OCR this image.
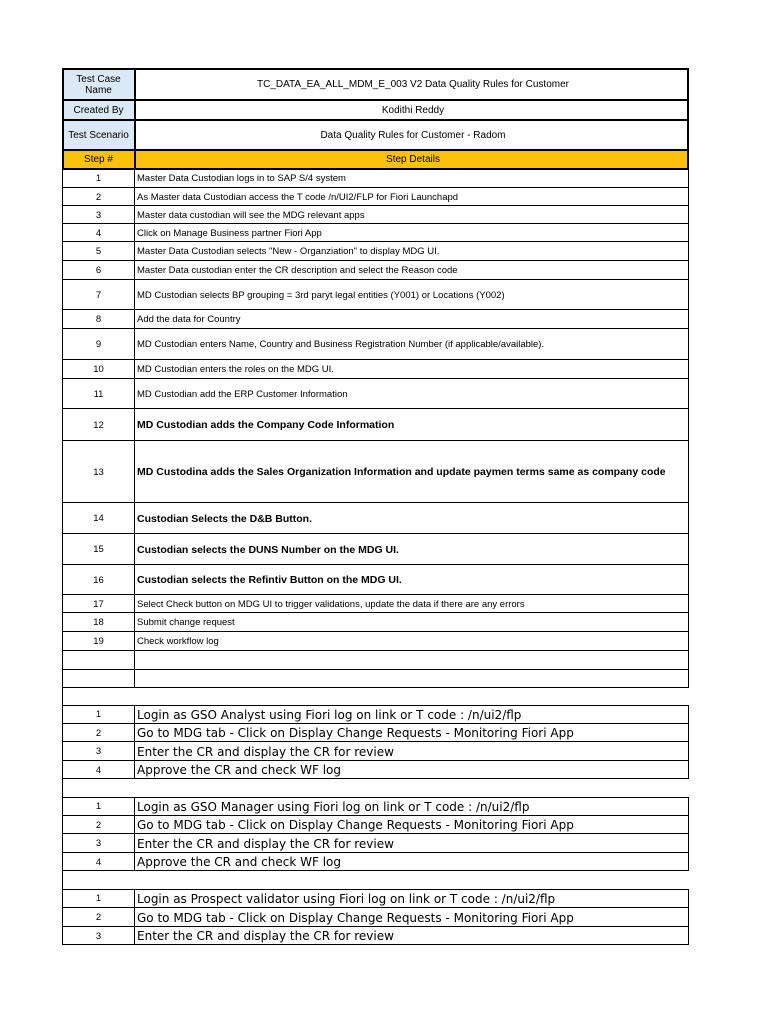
Test Case Name	TC_DATA_EA_ALL_MDM_E_003 V2 Data Quality Rules for Customer
Created By	Kodithi Reddy
Test Scenario	Data Quality Rules for Customer - Radom
Step #	Step Details
1	Master Data Custodian logs in to SAP S/4 system
2	As Master data Custodian access the T code /n/UI2/FLP for Fiori Launchapd
3	Master data custodian will see the MDG relevant apps
4	Click on Manage Business partner Fiori App
5	Master Data Custodian selects "New - Organziation" to display MDG UI.
6	Master Data custodian enter the CR description and select the Reason code
7	MD Custodian selects BP grouping = 3rd paryt legal entities (Y001) or Locations (Y002)
8	Add the data for Country
9	MD Custodian enters Name, Country and Business Registration Number (if applicable/available).
10	MD Custodian enters the roles on the MDG UI.
11	MD Custodian add the ERP Customer Information
12	MD Custodian adds the Company Code Information
13	MD Custodina adds the Sales Organization Information and update paymen terms same as company code
14	Custodian Selects the D&B Button.
15	Custodian selects the DUNS Number on the MDG UI.
16	Custodian selects the Refintiv Button on the MDG UI.
17	Select Check button on MDG UI to trigger validations, update the data if there are any errors
18	Submit change request
19	Check workflow log
1	Login as GSO Analyst using Fiori log on link or T code : /n/ui2/flp
2	Go to MDG tab - Click on Display Change Requests - Monitoring Fiori App
3	Enter the CR and display the CR for review
4	Approve the CR and check WF log
1	Login as GSO Manager using Fiori log on link or T code : /n/ui2/flp
2	Go to MDG tab - Click on Display Change Requests - Monitoring Fiori App
3	Enter the CR and display the CR for review
4	Approve the CR and check WF log
1	Login as Prospect validator using Fiori log on link or T code : /n/ui2/flp
2	Go to MDG tab - Click on Display Change Requests - Monitoring Fiori App
3	Enter the CR and display the CR for review
